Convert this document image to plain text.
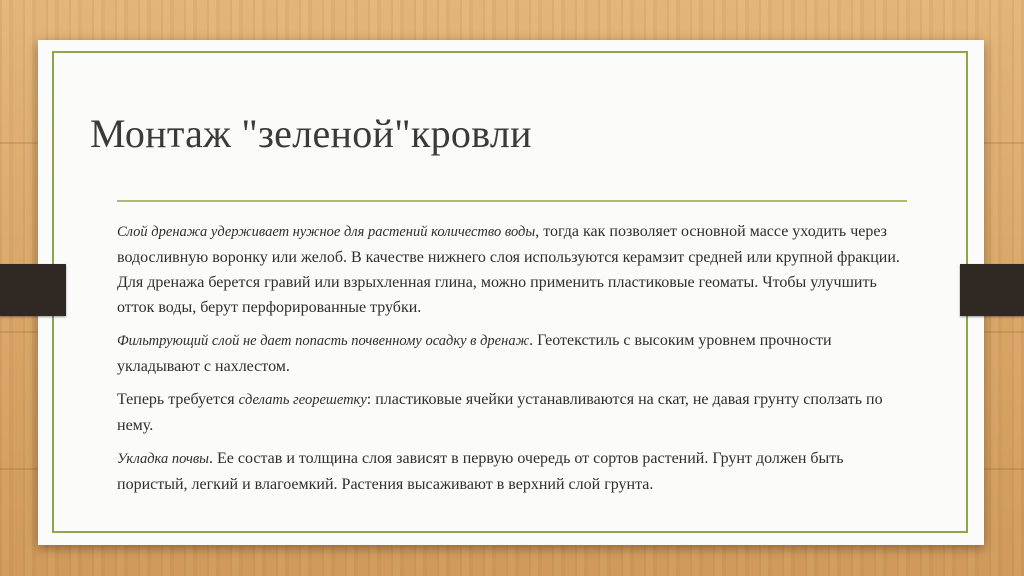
Монтаж "зеленой"кровли

Слой дренажа удерживает нужное для растений количество воды, тогда как позволяет основной массе уходить через водосливную воронку или желоб. В качестве нижнего слоя используются керамзит средней или крупной фракции. Для дренажа берется гравий или взрыхленная глина, можно применить пластиковые геоматы. Чтобы улучшить отток воды, берут перфорированные трубки.

Фильтрующий слой не дает попасть почвенному осадку в дренаж. Геотекстиль с высоким уровнем прочности укладывают с нахлестом.

Теперь требуется сделать георешетку: пластиковые ячейки устанавливаются на скат, не давая грунту сползать по нему.

Укладка почвы. Ее состав и толщина слоя зависят в первую очередь от сортов растений. Грунт должен быть пористый, легкий и влагоемкий. Растения высаживают в верхний слой грунта.
